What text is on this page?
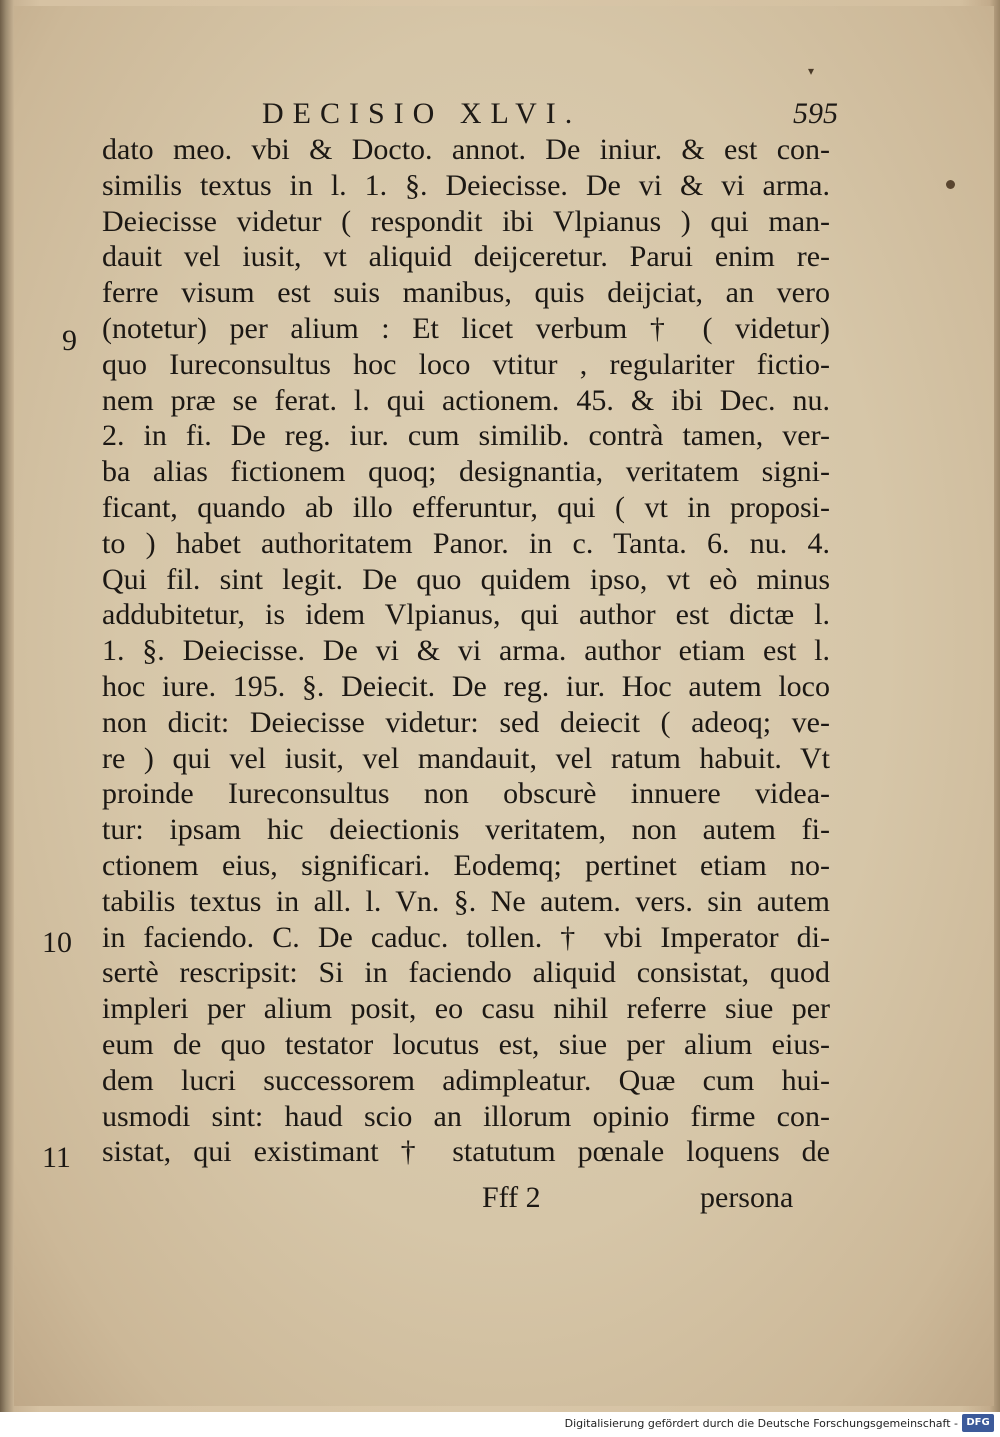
▾
DECISIO XLVI.	595
dato meo. vbi & Docto. annot. De iniur. & est con-
similis textus in l. 1. §. Deiecisse. De vi & vi arma.
Deiecisse videtur ( respondit ibi Vlpianus ) qui man-
dauit vel iusit, vt aliquid deijceretur. Parui enim re-
ferre visum est suis manibus, quis deijciat, an vero
(notetur) per alium : Et licet verbum † ( videtur)
quo Iureconsultus hoc loco vtitur , regulariter fictio-
nem præ se ferat. l. qui actionem. 45. & ibi Dec. nu.
2. in fi. De reg. iur. cum similib. contrà tamen, ver-
ba alias fictionem quoq; designantia, veritatem signi-
ficant, quando ab illo efferuntur, qui ( vt in proposi-
to ) habet authoritatem Panor. in c. Tanta. 6. nu. 4.
Qui fil. sint legit. De quo quidem ipso, vt eò minus
addubitetur, is idem Vlpianus, qui author est dictæ l.
1. §. Deiecisse. De vi & vi arma. author etiam est l.
hoc iure. 195. §. Deiecit. De reg. iur. Hoc autem loco
non dicit: Deiecisse videtur: sed deiecit ( adeoq; ve-
re ) qui vel iusit, vel mandauit, vel ratum habuit. Vt
proinde Iureconsultus non obscurè innuere videa-
tur: ipsam hic deiectionis veritatem, non autem fi-
ctionem eius, significari. Eodemq; pertinet etiam no-
tabilis textus in all. l. Vn. §. Ne autem. vers. sin autem
in faciendo. C. De caduc. tollen. † vbi Imperator di-
sertè rescripsit: Si in faciendo aliquid consistat, quod
impleri per alium posit, eo casu nihil referre siue per
eum de quo testator locutus est, siue per alium eius-
dem lucri successorem adimpleatur. Quæ cum hui-
usmodi sint: haud scio an illorum opinio firme con-
sistat, qui existimant † statutum pœnale loquens de
9
10
11
Fff 2	persona
Digitalisierung gefördert durch die Deutsche Forschungsgemeinschaft - DFG
